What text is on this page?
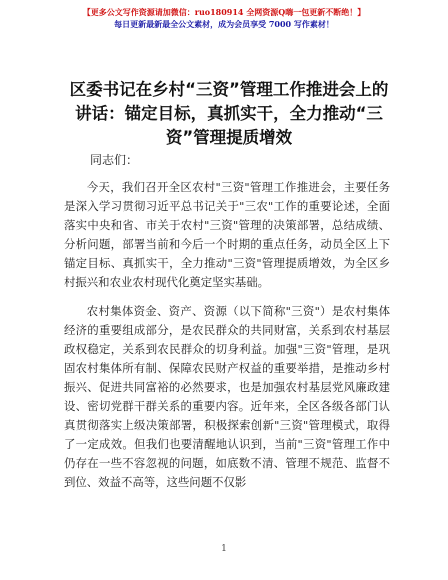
【更多公文写作资源请加微信：ruo180914 全网资源Q嗨一包更新不断绝！】
每日更新最新最全公文素材，成为会员享受 7000 写作素材！
区委书记在乡村“三资”管理工作推进会上的讲话：锚定目标，真抓实干，全力推动“三资”管理提质增效
同志们：

今天，我们召开全区农村"三资"管理工作推进会，主要任务是深入学习贯彻习近平总书记关于"三农"工作的重要论述，全面落实中央和省、市关于农村"三资"管理的决策部署，总结成绩、分析问题，部署当前和今后一个时期的重点任务，动员全区上下锚定目标、真抓实干，全力推动"三资"管理提质增效，为全区乡村振兴和农业农村现代化奠定坚实基础。

农村集体资金、资产、资源（以下简称"三资"）是农村集体经济的重要组成部分，是农民群众的共同财富，关系到农村基层政权稳定，关系到农民群众的切身利益。加强"三资"管理，是巩固农村集体所有制、保障农民财产权益的重要举措，是推动乡村振兴、促进共同富裕的必然要求，也是加强农村基层党风廉政建设、密切党群干群关系的重要内容。近年来，全区各级各部门认真贯彻落实上级决策部署，积极探索创新"三资"管理模式，取得了一定成效。但我们也要清醒地认识到，当前"三资"管理工作中仍存在一些不容忽视的问题，如底数不清、管理不规范、监督不到位、效益不高等，这些问题不仅影

1
